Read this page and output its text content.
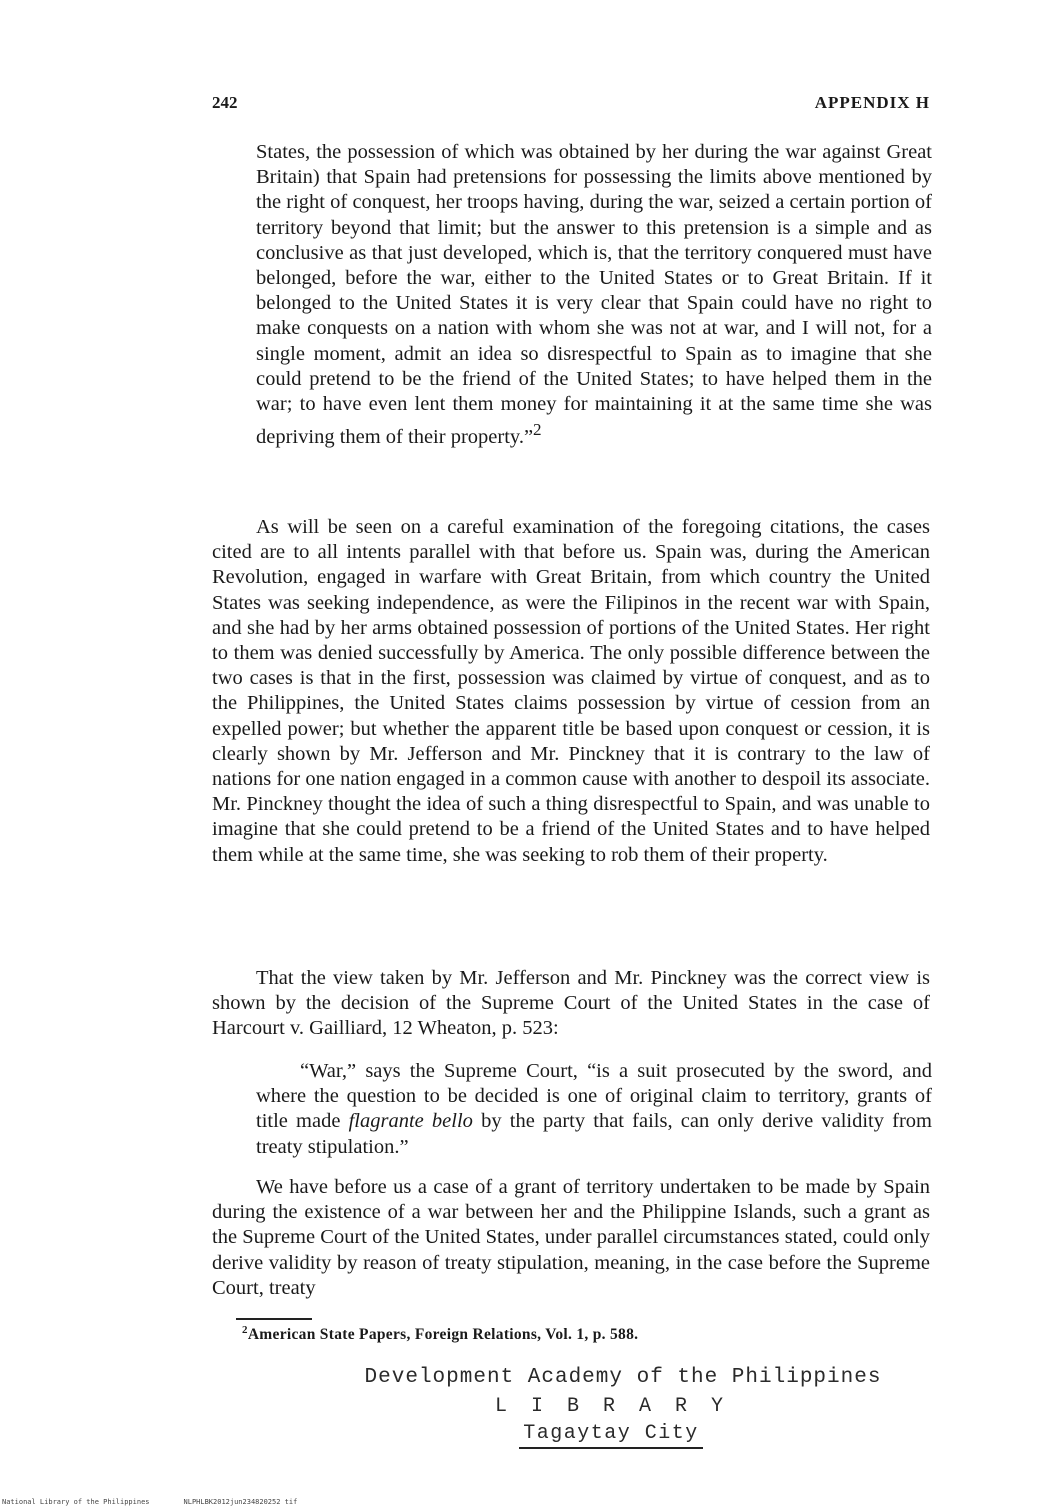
242	APPENDIX H

States, the possession of which was obtained by her during the war against Great Britain) that Spain had pretensions for possessing the limits above mentioned by the right of conquest, her troops having, during the war, seized a certain portion of territory beyond that limit; but the answer to this pretension is a simple and as conclusive as that just developed, which is, that the territory conquered must have belonged, before the war, either to the United States or to Great Britain. If it belonged to the United States it is very clear that Spain could have no right to make conquests on a nation with whom she was not at war, and I will not, for a single moment, admit an idea so disrespectful to Spain as to imagine that she could pretend to be the friend of the United States; to have helped them in the war; to have even lent them money for maintaining it at the same time she was depriving them of their property.”$^2$

As will be seen on a careful examination of the foregoing citations, the cases cited are to all intents parallel with that before us. Spain was, during the American Revolution, engaged in warfare with Great Britain, from which country the United States was seeking independence, as were the Filipinos in the recent war with Spain, and she had by her arms obtained possession of portions of the United States. Her right to them was denied successfully by America. The only possible difference between the two cases is that in the first, possession was claimed by virtue of conquest, and as to the Philippines, the United States claims possession by virtue of cession from an expelled power; but whether the apparent title be based upon conquest or cession, it is clearly shown by Mr. Jefferson and Mr. Pinckney that it is contrary to the law of nations for one nation engaged in a common cause with another to despoil its associate. Mr. Pinckney thought the idea of such a thing disrespectful to Spain, and was unable to imagine that she could pretend to be a friend of the United States and to have helped them while at the same time, she was seeking to rob them of their property.

That the view taken by Mr. Jefferson and Mr. Pinckney was the correct view is shown by the decision of the Supreme Court of the United States in the case of Harcourt v. Gailliard, 12 Wheaton, p. 523:

“War,” says the Supreme Court, “is a suit prosecuted by the sword, and where the question to be decided is one of original claim to territory, grants of title made flagrante bello by the party that fails, can only derive validity from treaty stipulation.”

We have before us a case of a grant of territory undertaken to be made by Spain during the existence of a war between her and the Philippine Islands, such a grant as the Supreme Court of the United States, under parallel circumstances stated, could only derive validity by reason of treaty stipulation, meaning, in the case before the Supreme Court, treaty

$^2$American State Papers, Foreign Relations, Vol. 1, p. 588.
Development Academy of the Philippines
L I B R A R Y
Tagaytay City
National Library of the Philippines	NLPHLBK2012jun234820252 tif
